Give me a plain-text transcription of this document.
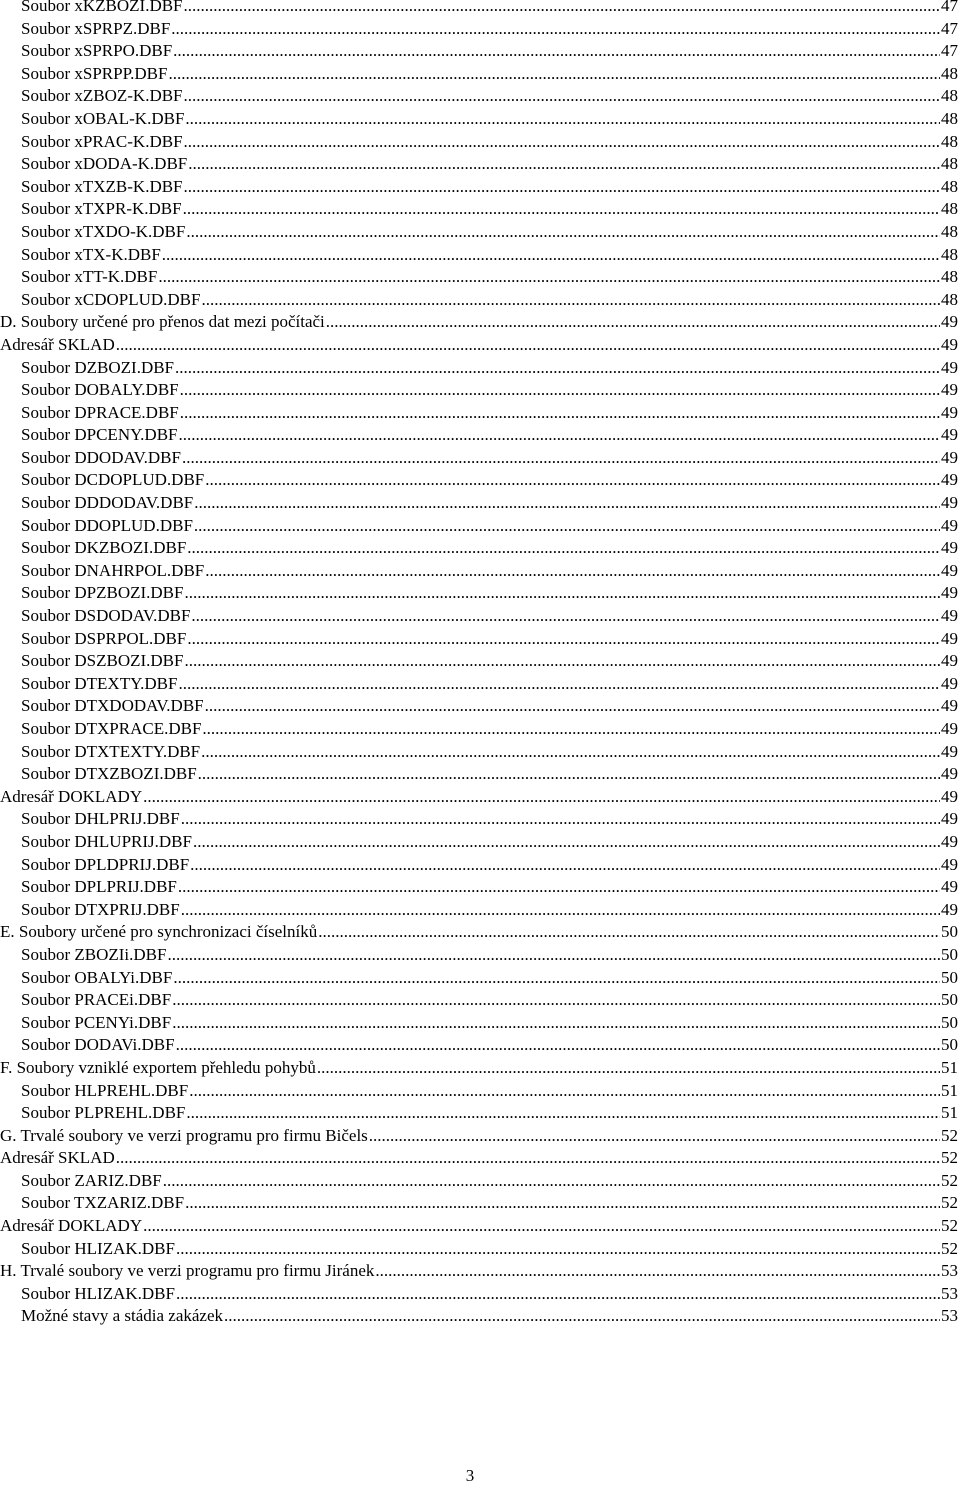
Soubor xKZBOZI.DBF .....	47
Soubor xSPRPZ.DBF .....	47
Soubor xSPRPO.DBF .....	47
Soubor xSPRPP.DBF .....	48
Soubor xZBOZ-K.DBF .....	48
Soubor xOBAL-K.DBF .....	48
Soubor xPRAC-K.DBF .....	48
Soubor xDODA-K.DBF .....	48
Soubor xTXZB-K.DBF .....	48
Soubor xTXPR-K.DBF .....	48
Soubor xTXDO-K.DBF .....	48
Soubor xTX-K.DBF .....	48
Soubor xTT-K.DBF .....	48
Soubor xCDOPLUD.DBF .....	48
D. Soubory určené pro přenos dat mezi počítači .....	49
Adresář SKLAD .....	49
Soubor DZBOZI.DBF .....	49
Soubor DOBALY.DBF .....	49
Soubor DPRACE.DBF .....	49
Soubor DPCENY.DBF .....	49
Soubor DDODAV.DBF .....	49
Soubor DCDOPLUD.DBF .....	49
Soubor DDDODAV.DBF .....	49
Soubor DDOPLUD.DBF .....	49
Soubor DKZBOZI.DBF .....	49
Soubor DNAHRPOL.DBF .....	49
Soubor DPZBOZI.DBF .....	49
Soubor DSDODAV.DBF .....	49
Soubor DSPRPOL.DBF .....	49
Soubor DSZBOZI.DBF .....	49
Soubor DTEXTY.DBF .....	49
Soubor DTXDODAV.DBF .....	49
Soubor DTXPRACE.DBF .....	49
Soubor DTXTEXTY.DBF .....	49
Soubor DTXZBOZI.DBF .....	49
Adresář DOKLADY .....	49
Soubor DHLPRIJ.DBF .....	49
Soubor DHLUPRIJ.DBF .....	49
Soubor DPLDPRIJ.DBF .....	49
Soubor DPLPRIJ.DBF .....	49
Soubor DTXPRIJ.DBF .....	49
E. Soubory určené pro synchronizaci číselníků .....	50
Soubor ZBOZIi.DBF .....	50
Soubor OBALYi.DBF .....	50
Soubor PRACEi.DBF .....	50
Soubor PCENYi.DBF .....	50
Soubor DODAVi.DBF .....	50
F. Soubory vzniklé exportem přehledu pohybů .....	51
Soubor HLPREHL.DBF .....	51
Soubor PLPREHL.DBF .....	51
G. Trvalé soubory ve verzi programu pro firmu Bičels .....	52
Adresář SKLAD .....	52
Soubor ZARIZ.DBF .....	52
Soubor TXZARIZ.DBF .....	52
Adresář DOKLADY .....	52
Soubor HLIZAK.DBF .....	52
H. Trvalé soubory ve verzi programu pro firmu Jiránek .....	53
Soubor HLIZAK.DBF .....	53
Možné stavy a stádia zakázek .....	53
3
